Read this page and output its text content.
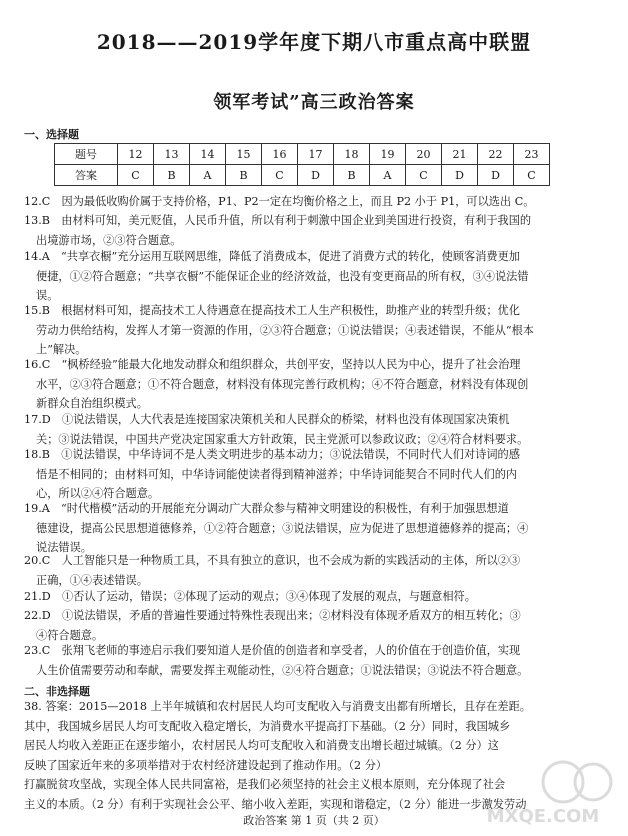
2018——2019学年度下期八市重点高中联盟
领军考试”高三政治答案
一、选择题
题号	12	13	14	15	16	17	18	19	20	21	22	23
答案	C	B	A	B	C	D	B	A	C	D	D	C
12.C　因为最低收购价属于支持价格，P1、P2一定在均衡价格之上，而且 P2 小于 P1，可以选出 C。
13.B　由材料可知，美元贬值，人民币升值，所以有利于刺激中国企业到美国进行投资，有利于我国的
出境游市场，②③符合题意。
14.A　“共享衣橱”充分运用互联网思维，降低了消费成本，促进了消费方式的转化，使顾客消费更加
便捷，①②符合题意；“共享衣橱”不能保证企业的经济效益，也没有变更商品的所有权，③④说法错
误。
15.B　根据材料可知，提高技术工人待遇意在提高技术工人生产积极性，助推产业的转型升级；优化
劳动力供给结构，发挥人才第一资源的作用，②③符合题意；①说法错误；④表述错误，不能从“根本
上”解决。
16.C　“枫桥经验”能最大化地发动群众和组织群众，共创平安，坚持以人民为中心，提升了社会治理
水平，②③符合题意；①不符合题意，材料没有体现完善行政机构；④不符合题意，材料没有体现创
新群众自治组织模式。
17.D　①说法错误，人大代表是连接国家决策机关和人民群众的桥梁，材料也没有体现国家决策机
关；③说法错误，中国共产党决定国家重大方针政策，民主党派可以参政议政；②④符合材料要求。
18.B　①说法错误，中华诗词不是人类文明进步的基本动力；③说法错误，不同时代人们对诗词的感
悟是不相同的；由材料可知，中华诗词能使读者得到精神滋养；中华诗词能契合不同时代人们的内
心，所以②④符合题意。
19.A　“时代楷模”活动的开展能充分调动广大群众参与精神文明建设的积极性，有利于加强思想道
德建设，提高公民思想道德修养，①②符合题意；③说法错误，应为促进了思想道德修养的提高；④
说法错误。
20.C　人工智能只是一种物质工具，不具有独立的意识，也不会成为新的实践活动的主体，所以②③
正确，①④表述错误。
21.D　①否认了运动，错误；②体现了运动的观点；③④体现了发展的观点，与题意相符。
22.D　①说法错误，矛盾的普遍性要通过特殊性表现出来；②材料没有体现矛盾双方的相互转化；③
④符合题意。
23.C　张翔飞老师的事迹启示我们要知道人是价值的创造者和享受者，人的价值在于创造价值，实现
人生价值需要劳动和奉献，需要发挥主观能动性，②④符合题意；①说法错误；③说法不符合题意。
二、非选择题
38. 答案：2015—2018 上半年城镇和农村居民人均可支配收入与消费支出都有所增长，且存在差距。
其中，我国城乡居民人均可支配收入稳定增长，为消费水平提高打下基础。（2 分）同时，我国城乡
居民人均收入差距正在逐步缩小，农村居民人均可支配收入和消费支出增长超过城镇。（2 分）这
反映了国家近年来的多项举措对于农村经济建设起到了推动作用。（2 分）
打赢脱贫攻坚战，实现全体人民共同富裕，是我们必须坚持的社会主义根本原则，充分体现了社会
主义的本质。（2 分）有利于实现社会公平、缩小收入差距，实现和谐稳定，（2 分）能进一步激发劳动
MXQE.COM
政治答案 第 1 页（共 2 页）
